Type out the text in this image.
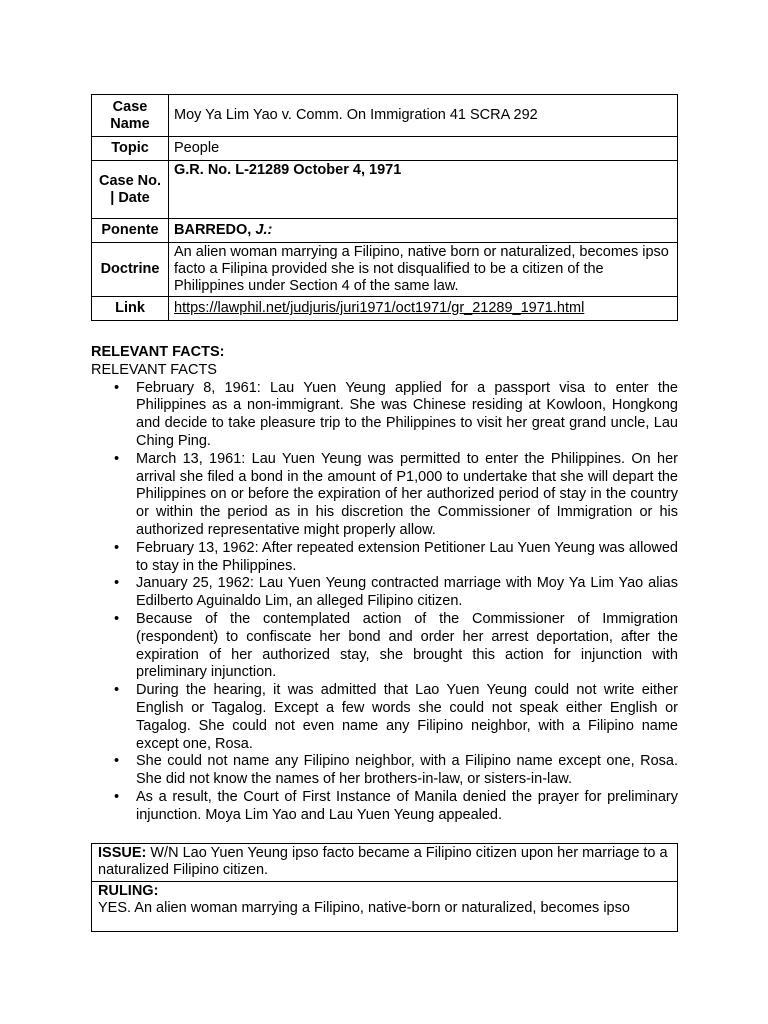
Case Name	Moy Ya Lim Yao v. Comm. On Immigration 41 SCRA 292
Topic	People
Case No. | Date	G.R. No. L-21289 October 4, 1971
Ponente	BARREDO, J.:
Doctrine	An alien woman marrying a Filipino, native born or naturalized, becomes ipso facto a Filipina provided she is not disqualified to be a citizen of the Philippines under Section 4 of the same law.
Link	https://lawphil.net/judjuris/juri1971/oct1971/gr_21289_1971.html
RELEVANT FACTS:
RELEVANT FACTS
• February 8, 1961: Lau Yuen Yeung applied for a passport visa to enter the Philippines as a non-immigrant. She was Chinese residing at Kowloon, Hongkong and decide to take pleasure trip to the Philippines to visit her great grand uncle, Lau Ching Ping.
• March 13, 1961: Lau Yuen Yeung was permitted to enter the Philippines. On her arrival she filed a bond in the amount of P1,000 to undertake that she will depart the Philippines on or before the expiration of her authorized period of stay in the country or within the period as in his discretion the Commissioner of Immigration or his authorized representative might properly allow.
• February 13, 1962: After repeated extension Petitioner Lau Yuen Yeung was allowed to stay in the Philippines.
• January 25, 1962: Lau Yuen Yeung contracted marriage with Moy Ya Lim Yao alias Edilberto Aguinaldo Lim, an alleged Filipino citizen.
• Because of the contemplated action of the Commissioner of Immigration (respondent) to confiscate her bond and order her arrest deportation, after the expiration of her authorized stay, she brought this action for injunction with preliminary injunction.
• During the hearing, it was admitted that Lao Yuen Yeung could not write either English or Tagalog. Except a few words she could not speak either English or Tagalog. She could not even name any Filipino neighbor, with a Filipino name except one, Rosa.
• She could not name any Filipino neighbor, with a Filipino name except one, Rosa. She did not know the names of her brothers-in-law, or sisters-in-law.
• As a result, the Court of First Instance of Manila denied the prayer for preliminary injunction. Moya Lim Yao and Lau Yuen Yeung appealed.
ISSUE: W/N Lao Yuen Yeung ipso facto became a Filipino citizen upon her marriage to a naturalized Filipino citizen.
RULING:
YES. An alien woman marrying a Filipino, native-born or naturalized, becomes ipso
